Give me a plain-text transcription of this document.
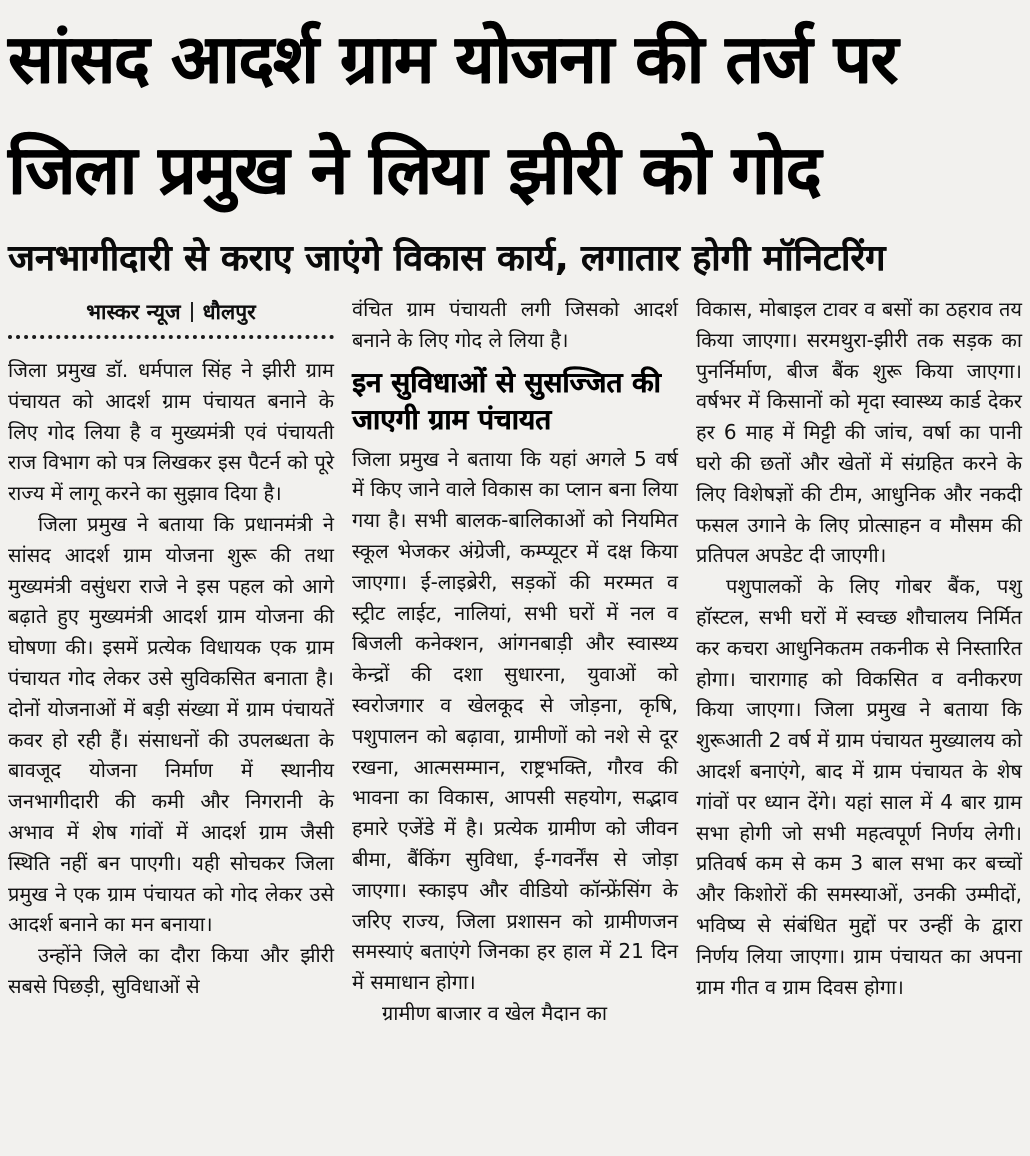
सांसद आदर्श ग्राम योजना की तर्ज पर
जिला प्रमुख ने लिया झीरी को गोद
जनभागीदारी से कराए जाएंगे विकास कार्य, लगातार होगी मॉनिटरिंग
भास्कर न्यूज धौलपुर

जिला प्रमुख डॉ. धर्मपाल सिंह ने झीरी ग्राम पंचायत को आदर्श ग्राम पंचायत बनाने के लिए गोद लिया है व मुख्यमंत्री एवं पंचायती राज विभाग को पत्र लिखकर इस पैटर्न को पूरे राज्य में लागू करने का सुझाव दिया है।

जिला प्रमुख ने बताया कि प्रधानमंत्री ने सांसद आदर्श ग्राम योजना शुरू की तथा मुख्यमंत्री वसुंधरा राजे ने इस पहल को आगे बढ़ाते हुए मुख्यमंत्री आदर्श ग्राम योजना की घोषणा की। इसमें प्रत्येक विधायक एक ग्राम पंचायत गोद लेकर उसे सुविकसित बनाता है। दोनों योजनाओं में बड़ी संख्या में ग्राम पंचायतें कवर हो रही हैं। संसाधनों की उपलब्धता के बावजूद योजना निर्माण में स्थानीय जनभागीदारी की कमी और निगरानी के अभाव में शेष गांवों में आदर्श ग्राम जैसी स्थिति नहीं बन पाएगी। यही सोचकर जिला प्रमुख ने एक ग्राम पंचायत को गोद लेकर उसे आदर्श बनाने का मन बनाया।

उन्होंने जिले का दौरा किया और झीरी सबसे पिछड़ी, सुविधाओं से

वंचित ग्राम पंचायती लगी जिसको आदर्श बनाने के लिए गोद ले लिया है।

इन सुविधाओं से सुसज्जित की जाएगी ग्राम पंचायत

जिला प्रमुख ने बताया कि यहां अगले 5 वर्ष में किए जाने वाले विकास का प्लान बना लिया गया है। सभी बालक-बालिकाओं को नियमित स्कूल भेजकर अंग्रेजी, कम्प्यूटर में दक्ष किया जाएगा। ई-लाइब्रेरी, सड़कों की मरम्मत व स्ट्रीट लाईट, नालियां, सभी घरों में नल व बिजली कनेक्शन, आंगनबाड़ी और स्वास्थ्य केन्द्रों की दशा सुधारना, युवाओं को स्वरोजगार व खेलकूद से जोड़ना, कृषि, पशुपालन को बढ़ावा, ग्रामीणों को नशे से दूर रखना, आत्मसम्मान, राष्ट्रभक्ति, गौरव की भावना का विकास, आपसी सहयोग, सद्भाव हमारे एजेंडे में है। प्रत्येक ग्रामीण को जीवन बीमा, बैंकिंग सुविधा, ई-गवर्नेंस से जोड़ा जाएगा। स्काइप और वीडियो कॉन्फ्रेंसिंग के जरिए राज्य, जिला प्रशासन को ग्रामीणजन समस्याएं बताएंगे जिनका हर हाल में 21 दिन में समाधान होगा।

ग्रामीण बाजार व खेल मैदान का

विकास, मोबाइल टावर व बसों का ठहराव तय किया जाएगा। सरमथुरा-झीरी तक सड़क का पुनर्निर्माण, बीज बैंक शुरू किया जाएगा। वर्षभर में किसानों को मृदा स्वास्थ्य कार्ड देकर हर 6 माह में मिट्टी की जांच, वर्षा का पानी घरो की छतों और खेतों में संग्रहित करने के लिए विशेषज्ञों की टीम, आधुनिक और नकदी फसल उगाने के लिए प्रोत्साहन व मौसम की प्रतिपल अपडेट दी जाएगी।

पशुपालकों के लिए गोबर बैंक, पशु हॉस्टल, सभी घरों में स्वच्छ शौचालय निर्मित कर कचरा आधुनिकतम तकनीक से निस्तारित होगा। चारागाह को विकसित व वनीकरण किया जाएगा। जिला प्रमुख ने बताया कि शुरूआती 2 वर्ष में ग्राम पंचायत मुख्यालय को आदर्श बनाएंगे, बाद में ग्राम पंचायत के शेष गांवों पर ध्यान देंगे। यहां साल में 4 बार ग्राम सभा होगी जो सभी महत्वपूर्ण निर्णय लेगी। प्रतिवर्ष कम से कम 3 बाल सभा कर बच्चों और किशोरों की समस्याओं, उनकी उम्मीदों, भविष्य से संबंधित मुद्दों पर उन्हीं के द्वारा निर्णय लिया जाएगा। ग्राम पंचायत का अपना ग्राम गीत व ग्राम दिवस होगा।
